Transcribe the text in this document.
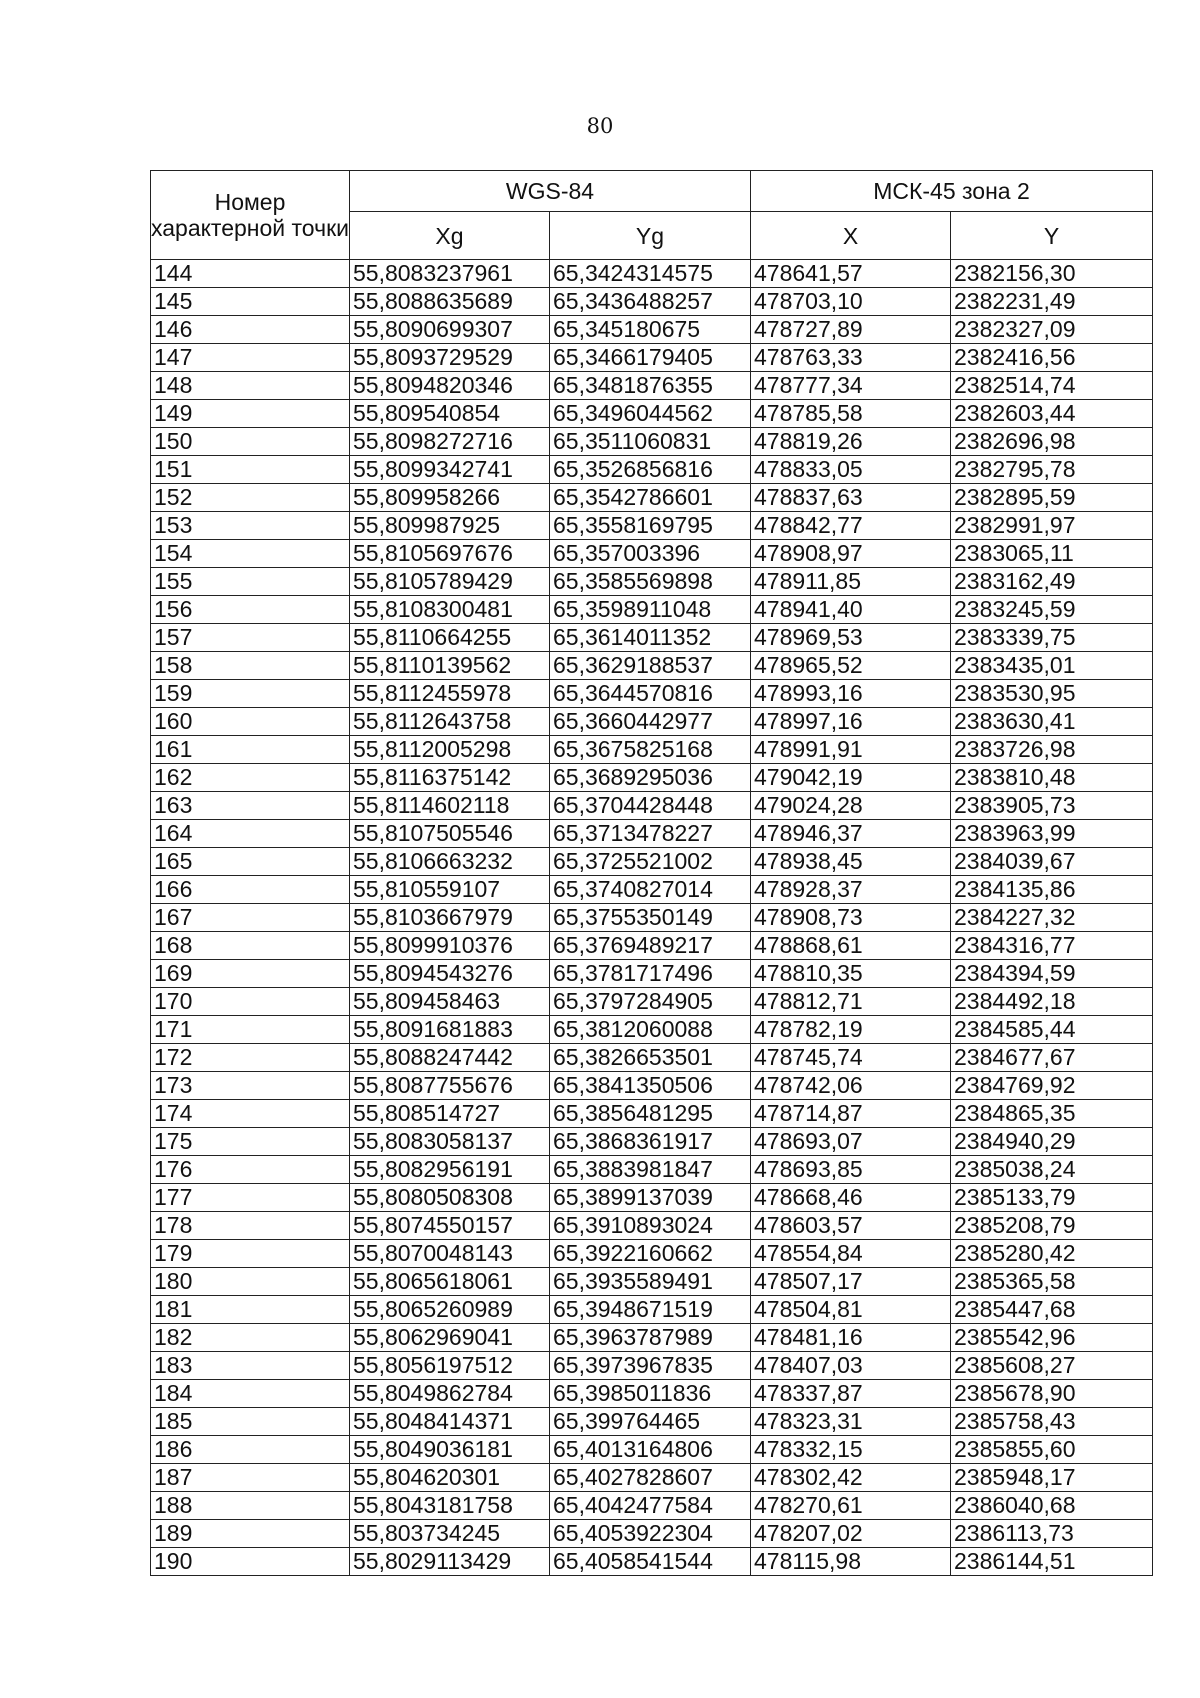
80
Номер характерной точки	WGS-84		МСК-45 зона 2	
	Xg	Yg	X	Y
144	55,8083237961	65,3424314575	478641,57	2382156,30
145	55,8088635689	65,3436488257	478703,10	2382231,49
146	55,8090699307	65,345180675	478727,89	2382327,09
147	55,8093729529	65,3466179405	478763,33	2382416,56
148	55,8094820346	65,3481876355	478777,34	2382514,74
149	55,809540854	65,3496044562	478785,58	2382603,44
150	55,8098272716	65,3511060831	478819,26	2382696,98
151	55,8099342741	65,3526856816	478833,05	2382795,78
152	55,809958266	65,3542786601	478837,63	2382895,59
153	55,809987925	65,3558169795	478842,77	2382991,97
154	55,8105697676	65,357003396	478908,97	2383065,11
155	55,8105789429	65,3585569898	478911,85	2383162,49
156	55,8108300481	65,3598911048	478941,40	2383245,59
157	55,8110664255	65,3614011352	478969,53	2383339,75
158	55,8110139562	65,3629188537	478965,52	2383435,01
159	55,8112455978	65,3644570816	478993,16	2383530,95
160	55,8112643758	65,3660442977	478997,16	2383630,41
161	55,8112005298	65,3675825168	478991,91	2383726,98
162	55,8116375142	65,3689295036	479042,19	2383810,48
163	55,8114602118	65,3704428448	479024,28	2383905,73
164	55,8107505546	65,3713478227	478946,37	2383963,99
165	55,8106663232	65,3725521002	478938,45	2384039,67
166	55,810559107	65,3740827014	478928,37	2384135,86
167	55,8103667979	65,3755350149	478908,73	2384227,32
168	55,8099910376	65,3769489217	478868,61	2384316,77
169	55,8094543276	65,3781717496	478810,35	2384394,59
170	55,809458463	65,3797284905	478812,71	2384492,18
171	55,8091681883	65,3812060088	478782,19	2384585,44
172	55,8088247442	65,3826653501	478745,74	2384677,67
173	55,8087755676	65,3841350506	478742,06	2384769,92
174	55,808514727	65,3856481295	478714,87	2384865,35
175	55,8083058137	65,3868361917	478693,07	2384940,29
176	55,8082956191	65,3883981847	478693,85	2385038,24
177	55,8080508308	65,3899137039	478668,46	2385133,79
178	55,8074550157	65,3910893024	478603,57	2385208,79
179	55,8070048143	65,3922160662	478554,84	2385280,42
180	55,8065618061	65,3935589491	478507,17	2385365,58
181	55,8065260989	65,3948671519	478504,81	2385447,68
182	55,8062969041	65,3963787989	478481,16	2385542,96
183	55,8056197512	65,3973967835	478407,03	2385608,27
184	55,8049862784	65,3985011836	478337,87	2385678,90
185	55,8048414371	65,399764465	478323,31	2385758,43
186	55,8049036181	65,4013164806	478332,15	2385855,60
187	55,804620301	65,4027828607	478302,42	2385948,17
188	55,8043181758	65,4042477584	478270,61	2386040,68
189	55,803734245	65,4053922304	478207,02	2386113,73
190	55,8029113429	65,4058541544	478115,98	2386144,51
